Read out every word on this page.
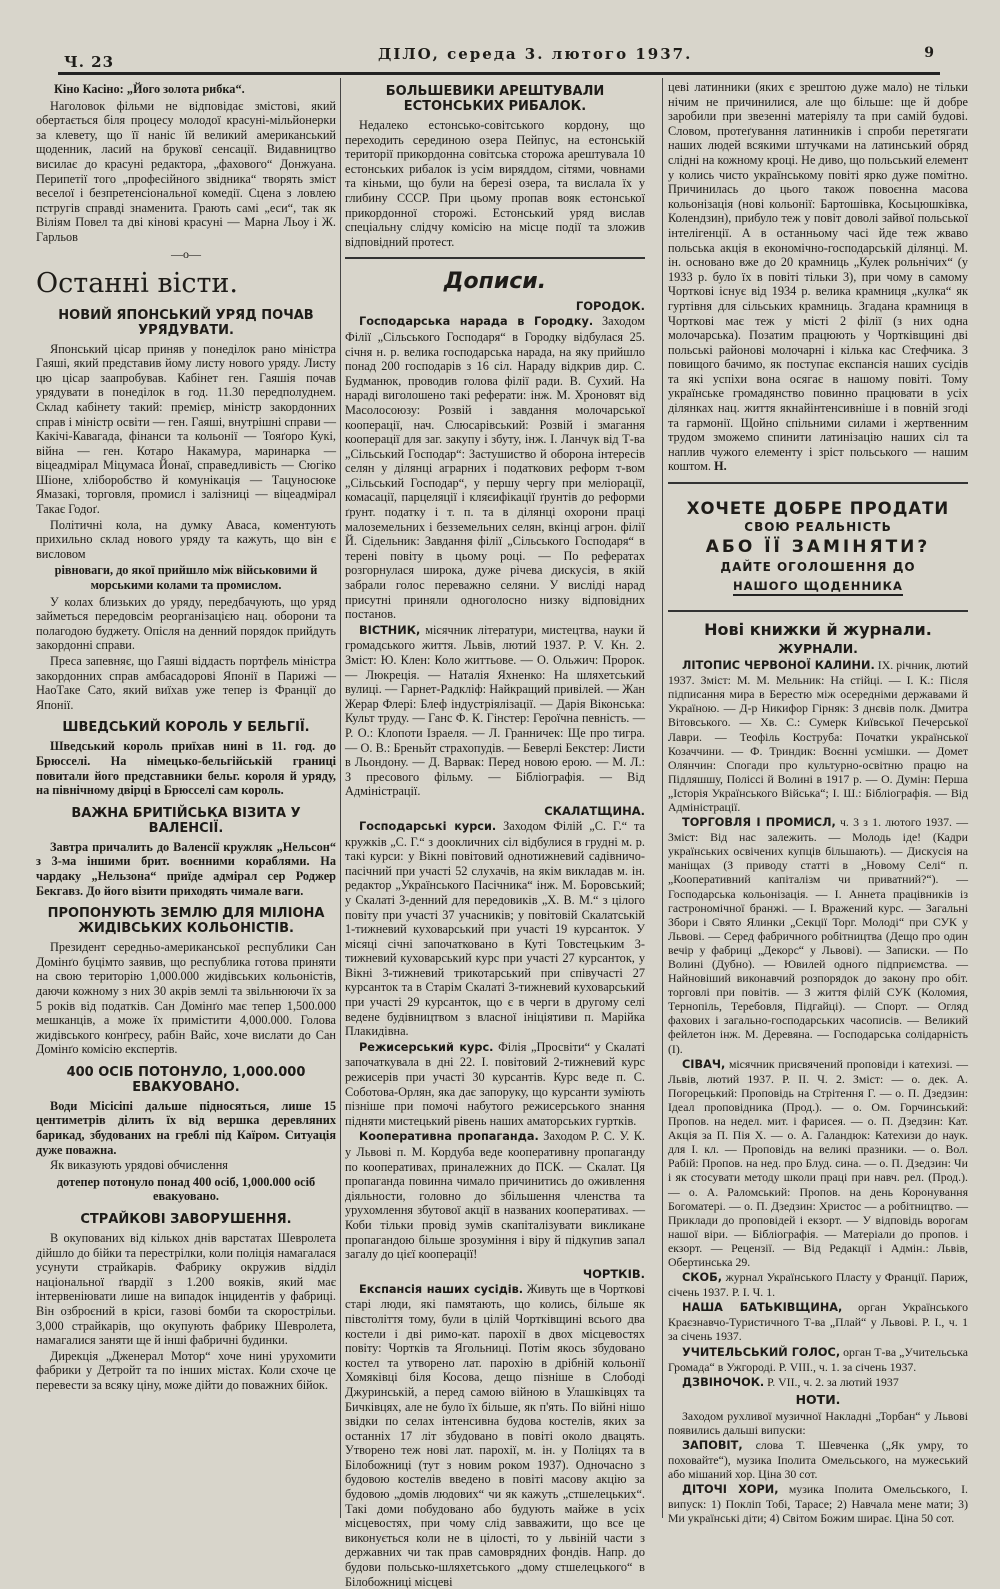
Ч. 23	ДІЛО, середа 3. лютого 1937.	9
Кіно Касіно: „Його золота рибка“.

Наголовок фільми не відповідає змістові, який обертається біля процесу молодої красуні-мільйонерки за клевету, що її наніс їй великий американський щоденник, ласий на бруковї сенсації. Видавництво висилає до красуні редактора, „фахового“ Донжуана. Перипетії того „професійного звідника“ творять зміст веселої і безпретенсіональної комедії. Сцена з ловлею пстругів справді знаменита. Грають самі „еси“, так як Віліям Повел та дві кінові красуні — Марна Льоу і Ж. Гарльов

—o—
Останні вісти.
НОВИЙ ЯПОНСЬКИЙ УРЯД ПОЧАВ УРЯДУВАТИ.

Японський цісар приняв у понеділок рано міністра Гаяші, який представив йому листу нового уряду. Листу цю цісар заапробував. Кабінет ген. Гаяшія почав урядувати в понеділок в год. 11.30 передполуднем. Склад кабінету такий: премієр, міністр закордонних справ і міністр освіти — ген. Гаяші, внутрішні справи — Какічі-Кавагада, фінанси та кольонії — Тояґоро Кукі, війна — ген. Котаро Накамура, маринарка — віцеадмірал Міцумаса Йонаї, справедливість — Сюгіко Шіоне, хліборобство й комунікація — Тацуносюке Ямазакі, торговля, промисл і залізниці — віцеадмірал Такає Годоґ.

Політичні кола, на думку Аваса, коментують прихильно склад нового уряду та кажуть, що він є висловом

рівноваги, до якої прийшло між військовими й морськими колами та промислом.

У колах близьких до уряду, передбачують, що уряд займеться передовсім реорганізацією нац. оборони та полагодою буджету. Опісля на денний порядок прийдуть закордонні справи.

Преса запевняє, що Гаяші віддасть портфель міністра закордонних справ амбасадорові Японії в Парижі — НаоТаке Сато, який виїхав уже тепер із Франції до Японії.

ШВЕДСЬКИЙ КОРОЛЬ У БЕЛЬГІЇ.

Шведський король приїхав нині в 11. год. до Брюсселі. На німецько-бельгійській границі повитали його представники бельг. короля й уряду, на північному двірці в Брюсселі сам король.

ВАЖНА БРИТІЙСЬКА ВІЗИТА У ВАЛЕНСІЇ.

Завтра причалить до Валенсії кружляк „Нельсон“ з 3-ма іншими брит. воєнними кораблями. На чардаку „Нельзона“ приїде адмірал сер Роджер Бекгавз. До його візити приходять чимале ваги.

ПРОПОНУЮТЬ ЗЕМЛЮ ДЛЯ МІЛІОНА ЖИДІВСЬКИХ КОЛЬОНІСТІВ.

Президент середньо-американської республики Сан Домінґо буцімто заявив, що республика готова приняти на свою територію 1,000.000 жидівських кольоністів, даючи кожному з них 30 акрів землі та звільнюючи їх за 5 років від податків. Сан Домінґо має тепер 1,500.000 мешканців, а може їх примістити 4,000.000. Голова жидівського конґресу, рабін Вайс, хоче вислати до Сан Домінґо комісію експертів.

400 ОСІБ ПОТОНУЛО, 1,000.000 ЕВАКУОВАНО.

Води Місісіпі дальше підносяться, лише 15 центиметрів ділить їх від вершка деревляних барикад, збудованих на греблі під Каїром. Ситуація дуже поважна.

Як виказують урядові обчислення

дотепер потонуло понад 400 осіб, 1,000.000 осіб евакуовано.
СТРАЙКОВІ ЗАВОРУШЕННЯ.

В окупованих від кількох днів варстатах Шевролета дійшло до бійки та перестрілки, коли поліція намагалася усунути страйкарів. Фабрику окружив відділ національної ґвардії з 1.200 вояків, який має інтервеніювати лише на випадок інцидентів у фабриці. Він озброєний в кріси, газові бомби та скорострільи. 3,000 страйкарів, що окупують фабрику Шевролета, намагалися заняти ще й інші фабричні будинки.

Дирекція „Дженерал Мотор“ хоче нині урухомити фабрики у Детройт та по інших містах. Коли схоче це перевести за всяку ціну, може дійти до поважних бійок.

БОЛЬШЕВИКИ АРЕШТУВАЛИ ЕСТОНСЬКИХ РИБАЛОК.

Недалеко естонсько-совітського кордону, що переходить серединою озера Пейпус, на естонській території прикордонна совітська сторожа арештувала 10 естонських рибалок із усім виряддом, сітями, човнами та кіньми, що були на березі озера, та вислала їх у глибину СССР. При цьому пропав вояк естонської прикордонної сторожі. Естонський уряд вислав спеціальну слідчу комісію на місце події та зложив відповідний протест.

Дописи.
ГОРОДОК.

Господарська нарада в Городку. Заходом Філії „Сільського Господаря“ в Городку відбулася 25. січня н. р. велика господарська нарада, на яку прийшло понад 200 господарів з 16 сіл. Нараду відкрив дир. С. Будманюк, проводив голова філії ради. В. Сухий. На нараді виголошено такі реферати: інж. М. Хроновят від Масолосоюзу: Розвій і завдання молочарської кооперації, нач. Слюсарівський: Розвій і змагання кооперації для заг. закупу і збуту, інж. І. Ланчук від Т-ва „Сільський Господар“: Застушиство й оборона інтересів селян у ділянці аграрних і податкових реформ т-вом „Сільський Господар“, у першу чергу при меліорації, комасації, парцеляції і кляєифікації ґрунтів до реформи ґрунт. податку і т. п. та в ділянці охорони праці малоземельних і безземельних селян, вкінці агрон. філії Й. Сідельник: Завдання філії „Сільського Господаря“ в терені повіту в цьому році. — По рефератах розгорнулася широка, дуже річева дискусія, в якій забрали голос переважно селяни. У висліді нарад присутні приняли одноголосно низку відповідних постанов.

ВІСТНИК, місячник літератури, мистецтва, науки й громадського життя. Львів, лютий 1937. Р. V. Кн. 2. Зміст: Ю. Клен: Коло життьове. — О. Ольжич: Пророк. — Люкреція. — Наталія Яхненко: На шляхетський вулиці. — Гарнет-Радкліф: Найкращий привілей. — Жан Жерар Флері: Блеф індустріялізації. — Дарія Віконська: Культ труду. — Ганс Ф. К. Гінстер: Героїчна певність. — Р. О.: Клопоти Ізраеля. — Л. Гранничек: Ще про тигра. — О. В.: Бреньйт страхопудів. — Беверлі Бекстер: Листи в Льондону. — Д. Варвак: Перед новою ерою. — М. Л.: З пресового фільму. — Бібліографія. — Від Адміністрації.

СКАЛАТЩИНА.

Господарські курси. Заходом Філій „С. Г.“ та кружків „С. Г.“ з доокличних сіл відбулися в грудні м. р. такі курси: у Вікні повітовий однотижневий садівничо-пасічний при участі 52 слухачів, на якім викладав м. ін. редактор „Українського Пасічника“ інж. М. Боровський; у Скалаті 3-денний для передовиків „Х. В. М.“ з цілого повіту при участі 37 учасників; у повітовій Скалатській 1-тижневий куховарський при участі 19 курсанток. У місяці січні започатковано в Куті Товстецьким 3-тижневий куховарський курс при участі 27 курсанток, у Вікні 3-тижневий трикотарський при співучасті 27 курсанток та в Старім Скалаті 3-тижневий куховарський при участі 29 курсанток, що є в черги в другому селі ведене будівництвом з власної ініціятиви п. Марійка Плакидівна.

Режисерський курс. Філія „Просвіти“ у Скалаті започаткувала в дні 22. І. повітовий 2-тижневий курс режисерів при участі 30 курсантів. Курс веде п. С. Соботова-Орлян, яка дає запоруку, що курсанти зуміють пізніше при помочі набутого режисерського знання підняти мистецький рівень наших аматорських гуртків.

Кооперативна пропаганда. Заходом Р. С. У. К. у Львові п. М. Кордуба веде кооперативну пропаганду по кооперативах, приналежних до ПСК. — Скалат. Ця пропаганда повинна чимало причинитись до оживлення діяльности, головно до збільшення членства та урухомлення збутової акції в названих кооперативах. — Коби тільки провід зумів скапіталізувати викликане пропагандою більше зрозуміння і віру й підкупив запал загалу до цієї кооперації!

ЧОРТКІВ.

Експансія наших сусідів. Живуть ще в Чорткові старі люди, які памятають, що колись, більше як півстоліття тому, були в цілій Чортківщині всього два костели і дві римо-кат. парохії в двох місцевостях повіту: Чортків та Ягольниці. Потім якось збудовано костел та утворено лат. парохію в дрібній кольонії Хомяківці біля Косова, дещо пізніше в Слободі Джуринській, а перед самою війною в Улашківцях та Бичківцях, але не було їх більше, як п'ять. По війні нішо звідки по селах інтенсивна будова костелів, яких за останніх 17 літ збудовано в повіті около двацять. Утворено теж нові лат. парохії, м. ін. у Поліцях та в Білобожниці (тут з новим роком 1937). Одночасно з будовою костелів введено в повіті масову акцію за будовою „домів людових“ чи як кажуть „стшелецьких“. Такі доми побудовано або будують майже в усіх місцевостях, при чому слід завважити, що все це виконується коли не в цілості, то у львіній части з державних чи так прав самоврядних фондів. Напр. до будови польсько-шляхетського „дому стшелецького“ в Білобожниці місцеві

цеві латинники (яких є зрештою дуже мало) не тільки нічим не причинилися, але що більше: ще й добре заробили при звезенні матеріялу та при самій будові. Словом, протеґування латинників і спроби перетягати наших людей всякими штучками на латинський обряд слідні на кожному кроці. Не диво, що польський елемент у колись чисто українському повіті ярко дуже помітно. Причинилась до цього також повоєнна масова кольонізація (нові кольонії: Бартошівка, Косьцюшківка, Колендзин), прибуло теж у повіт доволі зайвої польської інтелігенції. А в останньому часі йде теж жваво польська акція в економічно-господарській ділянці. М. ін. основано вже до 20 крамниць „Кулек рольнічих“ (у 1933 р. було їх в повіті тільки 3), при чому в самому Чорткові існує від 1934 р. велика крамниця „кулка“ як гуртівня для сільських крамниць. Згадана крамниця в Чорткові має теж у місті 2 філії (з них одна молочарська). Позатим працюють у Чортківщині дві польські районові молочарні і кілька кас Стефчика. З повищого бачимо, як поступає експансія наших сусідів та які успіхи вона осягає в нашому повіті. Тому українське громадянство повинно працювати в усіх ділянках нац. життя якнайінтенсивніше і в повній згоді та гармонії. Щойно спільними силами і жертвенним трудом зможемо спинити латинізацію наших сіл та наплив чужого елементу і зріст польського — нашим коштом. Н.

ХОЧЕТЕ ДОБРЕ ПРОДАТИ
СВОЮ РЕАЛЬНІСТЬ
АБО ЇЇ ЗАМІНЯТИ?
ДАЙТЕ ОГОЛОШЕННЯ ДО
НАШОГО ЩОДЕННИКА
Нові книжки й журнали.
ЖУРНАЛИ.

ЛІТОПИС ЧЕРВОНОЇ КАЛИНИ. IX. річник, лютий 1937. Зміст: М. М. Мельник: На стійці. — І. К.: Після підписання мира в Берестю між осередніми державами й Україною. — Д-р Никифор Гірняк: З днєвів полк. Дмитра Вітовського. — Хв. С.: Сумерк Київської Печерської Лаври. — Теофіль Коструба: Початки української Козаччини. — Ф. Триндик: Воєнні усмішки. — Домет Олянчин: Спогади про культурно-освітню працю на Підляшшу, Поліссі й Волині в 1917 р. — О. Думін: Перша „Історія Українського Війська“; І. Ш.: Бібліографія. — Від Адміністрації.

ТОРГОВЛЯ І ПРОМИСЛ, ч. 3 з 1. лютого 1937. — Зміст: Від нас залежить. — Молодь іде! (Кадри українських освічених купців більшають). — Дискусія на маніщах (З приводу статті в „Новому Селі“ п. „Кооперативний капіталізм чи приватний?“). — Господарська кольонізація. — І. Аннета працівників із гастрономічної бранжі. — І. Вражений курс. — Загальні Збори і Свято Ялинки „Секції Торг. Молоді“ при СУК у Львові. — Серед фабричного робітництва (Дещо про один вечір у фабриці „Декорс“ у Львові). — Записки. — По Волині (Дубно). — Ювилей одного підприємства. — Найновіший виконавчий розпорядок до закону про обіт. торговлі при повітів. — З життя філій СУК (Коломия, Тернопіль, Теребовля, Підгайці). — Спорт. — Огляд фахових і загально-господарських часописів. — Великий фейлетон інж. М. Деревяна. — Господарська солідарність (І).

СІВАЧ, місячник присвячений проповіди і катехизі. — Львів, лютий 1937. Р. ІІ. Ч. 2. Зміст: — о. дек. А. Погорецький: Проповідь на Стрітення Г. — о. П. Дзедзин: Ідеал проповідника (Прод.). — о. Ом. Горчинський: Пропов. на недел. мит. і фарисея. — о. П. Дзедзин: Кат. Акція за П. Пія Х. — о. А. Галандюк: Катехизи до наук. для І. кл. — Проповідь на великі празники. — о. Вол. Рабій: Пропов. на нед. про Блуд. сина. — о. П. Дзедзин: Чи і як стосувати методу школи праці при навч. рел. (Прод.). — о. А. Раломський: Пропов. на день Коронування Богоматері. — о. П. Дзедзин: Христос — а робітництво. — Приклади до проповідей і екзорт. — У відповідь ворогам нашої віри. — Бібліографія. — Матеріали до пропов. і екзорт. — Рецензії. — Від Редакції і Адмін.: Львів, Обертинська 29.

СКОБ, журнал Українського Пласту у Франції. Париж, січень 1937. Р. І. Ч. 1.

НАША БАТЬКІВЩИНА, орган Українського Краєзнавчо-Туристичного Т-ва „Плай“ у Львові. Р. І., ч. 1 за січень 1937.

УЧИТЕЛЬСЬКИЙ ГОЛОС, орган Т-ва „Учительська Громада“ в Ужгороді. Р. VIII., ч. 1. за січень 1937.

ДЗВІНОЧОК. Р. VII., ч. 2. за лютий 1937

НОТИ.

Заходом рухливої музичної Накладні „Торбан“ у Львові появились дальші випуски:

ЗАПОВІТ, слова Т. Шевченка („Як умру, то поховайте“), музика Іполита Омельського, на мужеський або мішаний хор. Ціна 30 сот.

ДІТОЧІ ХОРИ, музика Іполита Омельського, І. випуск: 1) Покліп Тобі, Тарасе; 2) Навчала мене мати; 3) Ми українські діти; 4) Світом Божим ширає. Ціна 50 сот.
